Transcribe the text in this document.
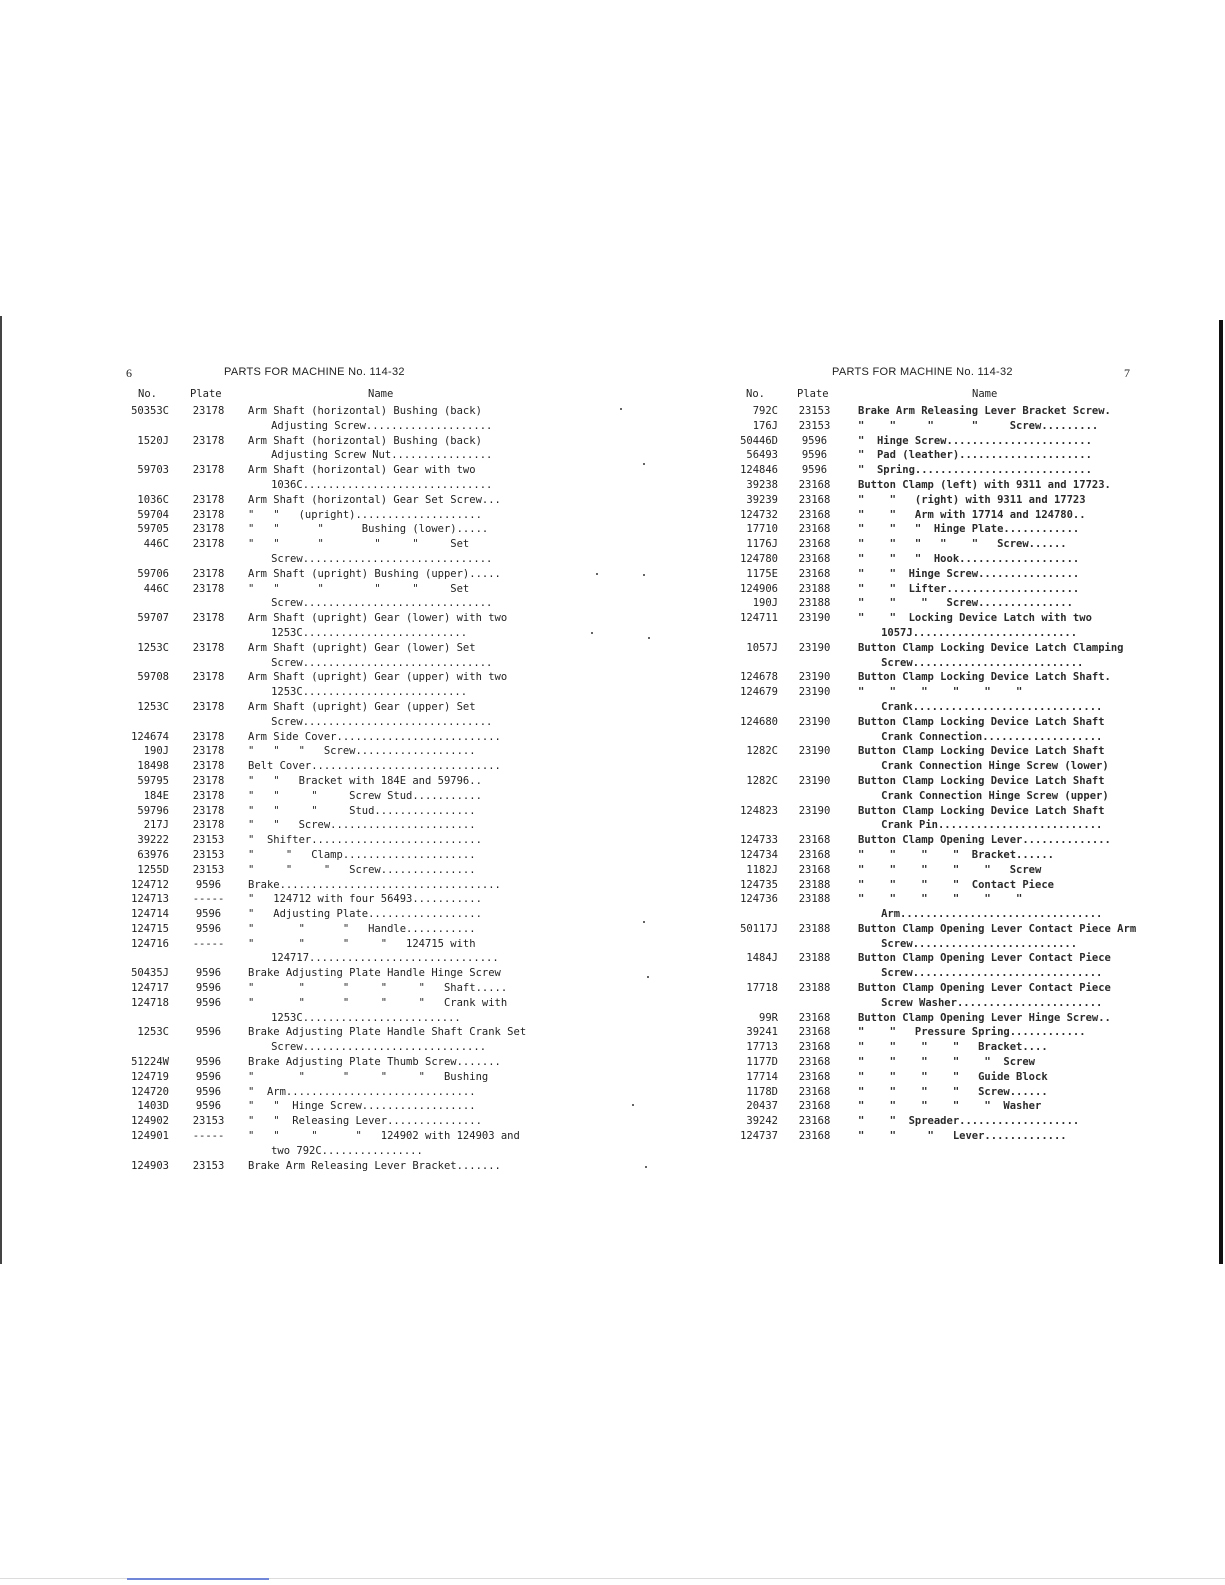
6	PARTS FOR MACHINE No. 114-32
No.	Plate	Name
50353C	23178	Arm Shaft (horizontal) Bushing (back) Adjusting Screw....................
1520J	23178	Arm Shaft (horizontal) Bushing (back) Adjusting Screw Nut................
59703	23178	Arm Shaft (horizontal) Gear with two 1036C..............................
1036C	23178	Arm Shaft (horizontal) Gear Set Screw...
59704	23178	"   "   (upright)....................
59705	23178	"   "      "      Bushing (lower).....
446C	23178	"   "      "        "     "     Set Screw..............................
59706	23178	Arm Shaft (upright) Bushing (upper).....
446C	23178	"   "      "        "     "     Set Screw..............................
59707	23178	Arm Shaft (upright) Gear (lower) with two 1253C..........................
1253C	23178	Arm Shaft (upright) Gear (lower) Set Screw..............................
59708	23178	Arm Shaft (upright) Gear (upper) with two 1253C..........................
1253C	23178	Arm Shaft (upright) Gear (upper) Set Screw..............................
124674	23178	Arm Side Cover..........................
190J	23178	"   "   "   Screw...................
18498	23178	Belt Cover..............................
59795	23178	"   "   Bracket with 184E and 59796..
184E	23178	"   "     "     Screw Stud...........
59796	23178	"   "     "     Stud................
217J	23178	"   "   Screw.......................
39222	23153	"  Shifter...........................
63976	23153	"     "   Clamp.....................
1255D	23153	"     "     "   Screw...............
124712	9596	Brake...................................
124713	-----	"   124712 with four 56493...........
124714	9596	"   Adjusting Plate..................
124715	9596	"       "      "   Handle...........
124716	-----	"       "      "     "   124715 with 124717..............................
50435J	9596	Brake Adjusting Plate Handle Hinge Screw
124717	9596	"       "      "     "     "   Shaft.....
124718	9596	"       "      "     "     "   Crank with 1253C.........................
1253C	9596	Brake Adjusting Plate Handle Shaft Crank Set Screw.............................
51224W	9596	Brake Adjusting Plate Thumb Screw.......
124719	9596	"       "      "     "     "   Bushing
124720	9596	"  Arm..............................
1403D	9596	"   "  Hinge Screw..................
124902	23153	"   "  Releasing Lever...............
124901	-----	"   "     "      "   124902 with 124903 and two 792C................
124903	23153	Brake Arm Releasing Lever Bracket.......
PARTS FOR MACHINE No. 114-32	7
No.	Plate	Name
792C	23153	Brake Arm Releasing Lever Bracket Screw.
176J	23153	"    "     "      "     Screw.........
50446D	9596	"  Hinge Screw.......................
56493	9596	"  Pad (leather).....................
124846	9596	"  Spring............................
39238	23168	Button Clamp (left) with 9311 and 17723.
39239	23168	"    "   (right) with 9311 and 17723
124732	23168	"    "   Arm with 17714 and 124780..
17710	23168	"    "   "  Hinge Plate............
1176J	23168	"    "   "   "    "   Screw......
124780	23168	"    "   "  Hook...................
1175E	23168	"    "  Hinge Screw................
124906	23188	"    "  Lifter.....................
190J	23188	"    "    "   Screw...............
124711	23190	"    "  Locking Device Latch with two 1057J..........................
1057J	23190	Button Clamp Locking Device Latch Clamping Screw...........................
124678	23190	Button Clamp Locking Device Latch Shaft.
124679	23190	"    "    "    "    "    " Crank..............................
124680	23190	Button Clamp Locking Device Latch Shaft Crank Connection...................
1282C	23190	Button Clamp Locking Device Latch Shaft Crank Connection Hinge Screw (lower)
1282C	23190	Button Clamp Locking Device Latch Shaft Crank Connection Hinge Screw (upper)
124823	23190	Button Clamp Locking Device Latch Shaft Crank Pin..........................
124733	23168	Button Clamp Opening Lever..............
124734	23168	"    "    "    "  Bracket......
1182J	23168	"    "    "    "    "   Screw
124735	23188	"    "    "    "  Contact Piece
124736	23188	"    "    "    "    "    " Arm................................
50117J	23188	Button Clamp Opening Lever Contact Piece Arm Screw..........................
1484J	23188	Button Clamp Opening Lever Contact Piece Screw..............................
17718	23188	Button Clamp Opening Lever Contact Piece Screw Washer.......................
99R	23168	Button Clamp Opening Lever Hinge Screw..
39241	23168	"    "   Pressure Spring............
17713	23168	"    "    "    "   Bracket....
1177D	23168	"    "    "    "    "  Screw
17714	23168	"    "    "    "   Guide Block
1178D	23168	"    "    "    "   Screw......
20437	23168	"    "    "    "    "  Washer
39242	23168	"    "  Spreader...................
124737	23168	"    "     "   Lever.............
